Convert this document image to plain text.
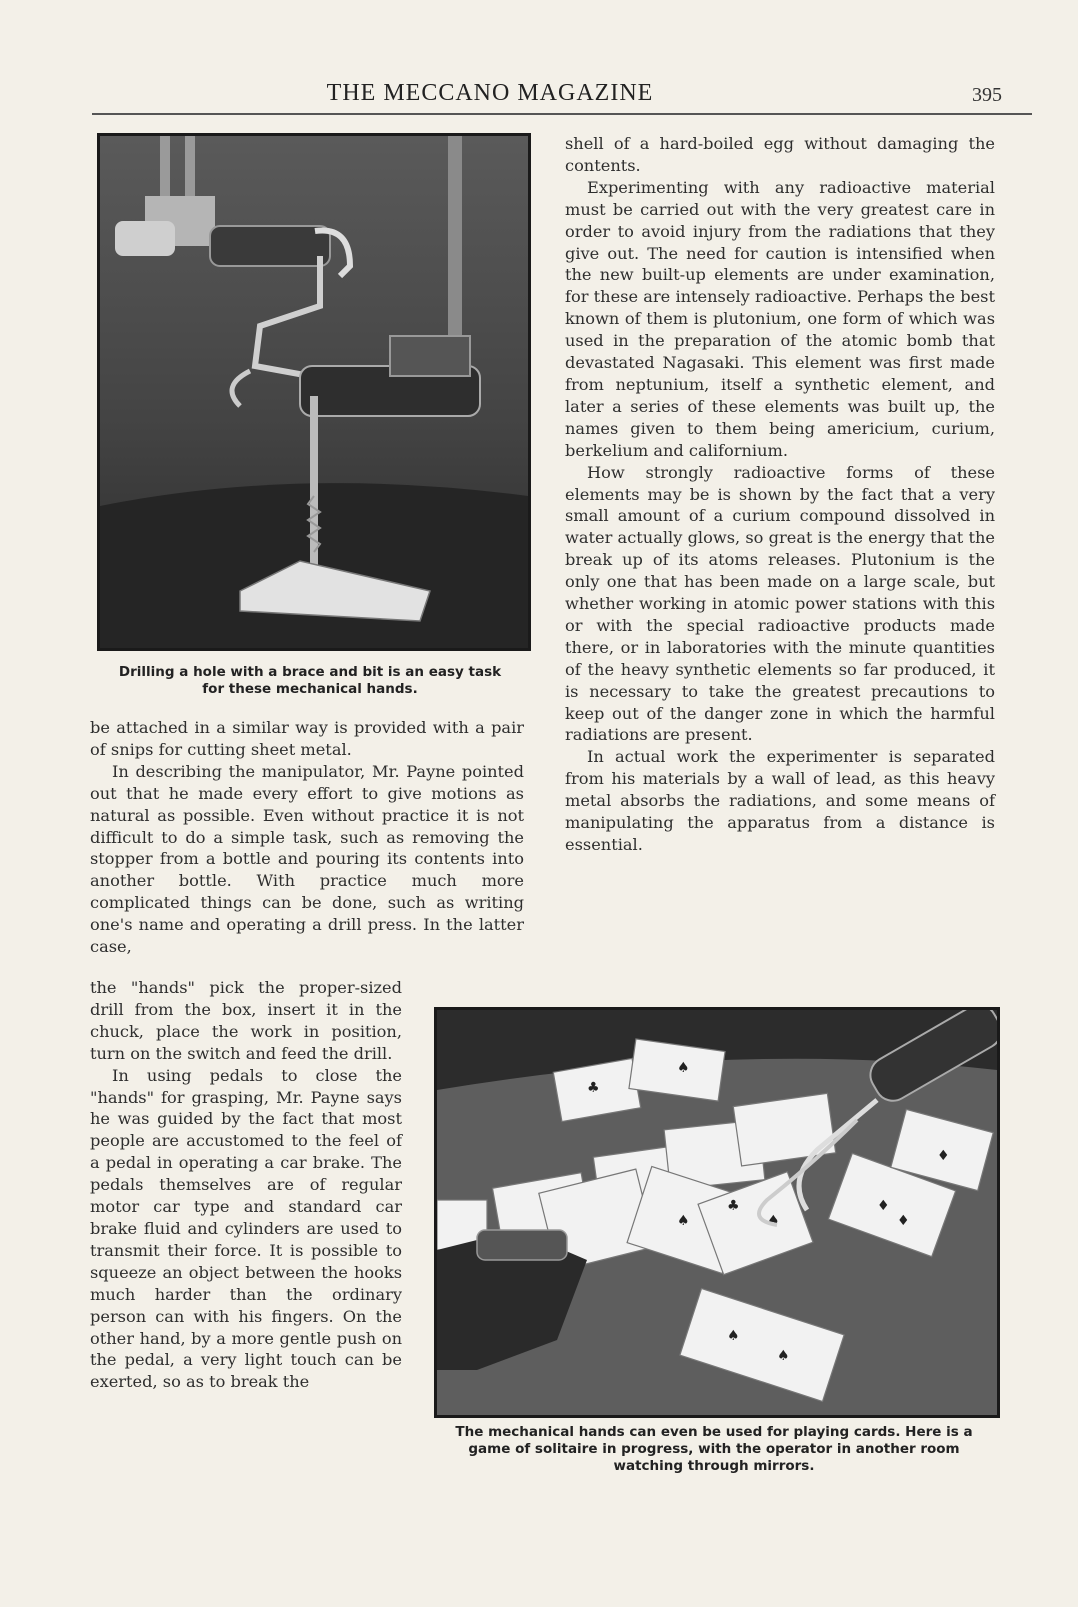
THE MECCANO MAGAZINE	395
Drilling a hole with a brace and bit is an easy task
for these mechanical hands.

be attached in a similar way is provided with a pair of snips for cutting sheet metal.

In describing the manipulator, Mr. Payne pointed out that he made every effort to give motions as natural as possible. Even without practice it is not difficult to do a simple task, such as removing the stopper from a bottle and pouring its contents into another bottle. With practice much more complicated things can be done, such as writing one's name and operating a drill press. In the latter case,

the "hands" pick the proper-sized drill from the box, insert it in the chuck, place the work in position, turn on the switch and feed the drill.

In using pedals to close the "hands" for grasping, Mr. Payne says he was guided by the fact that most people are accustomed to the feel of a pedal in operating a car brake. The pedals themselves are of regular motor car type and standard car brake fluid and cylinders are used to transmit their force. It is possible to squeeze an object between the hooks much harder than the ordinary person can with his fingers. On the other hand, by a more gentle push on the pedal, a very light touch can be exerted, so as to break the

shell of a hard-boiled egg without damaging the contents.

Experimenting with any radioactive material must be carried out with the very greatest care in order to avoid injury from the radiations that they give out. The need for caution is intensified when the new built-up elements are under examination, for these are intensely radioactive. Perhaps the best known of them is plutonium, one form of which was used in the preparation of the atomic bomb that devastated Nagasaki. This element was first made from neptunium, itself a synthetic element, and later a series of these elements was built up, the names given to them being americium, curium, berkelium and californium.

How strongly radioactive forms of these elements may be is shown by the fact that a very small amount of a curium compound dissolved in water actually glows, so great is the energy that the break up of its atoms releases. Plutonium is the only one that has been made on a large scale, but whether working in atomic power stations with this or with the special radioactive products made there, or in laboratories with the minute quantities of the heavy synthetic elements so far produced, it is necessary to take the greatest precautions to keep out of the danger zone in which the harmful radiations are present.

In actual work the experimenter is separated from his materials by a wall of lead, as this heavy metal absorbs the radiations, and some means of manipulating the apparatus from a distance is essential.

♣
♠
♣
♠	♠
♦
♦
♠
♠
♦
The mechanical hands can even be used for playing cards. Here is a
game of solitaire in progress, with the operator in another room
watching through mirrors.
